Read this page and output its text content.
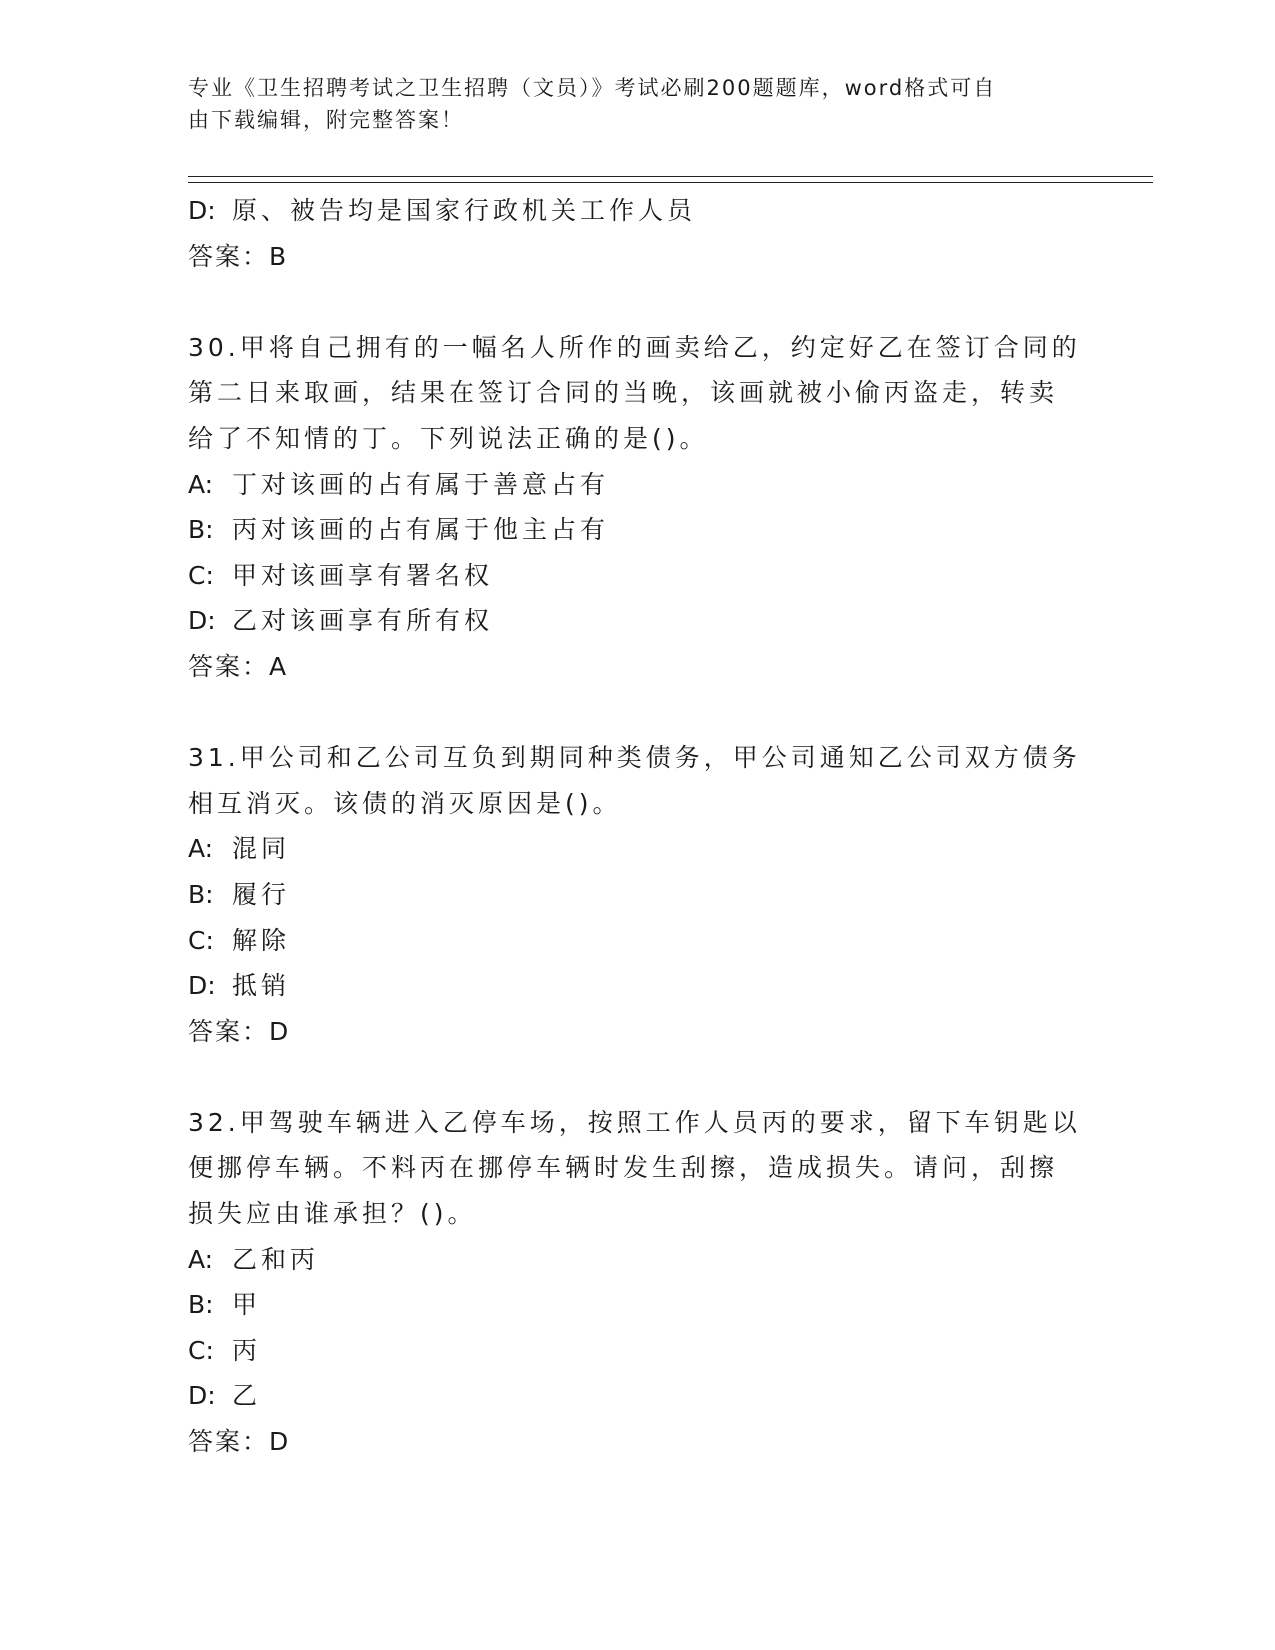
专业《卫生招聘考试之卫生招聘（文员）》考试必刷200题题库，word格式可自
由下载编辑，附完整答案！
D: 原、被告均是国家行政机关工作人员
答案：B
30.甲将自己拥有的一幅名人所作的画卖给乙，约定好乙在签订合同的
第二日来取画，结果在签订合同的当晚，该画就被小偷丙盗走，转卖
给了不知情的丁。下列说法正确的是()。
A: 丁对该画的占有属于善意占有
B: 丙对该画的占有属于他主占有
C: 甲对该画享有署名权
D: 乙对该画享有所有权
答案：A
31.甲公司和乙公司互负到期同种类债务，甲公司通知乙公司双方债务
相互消灭。该债的消灭原因是()。
A: 混同
B: 履行
C: 解除
D: 抵销
答案：D
32.甲驾驶车辆进入乙停车场，按照工作人员丙的要求，留下车钥匙以
便挪停车辆。不料丙在挪停车辆时发生刮擦，造成损失。请问，刮擦
损失应由谁承担？()。
A: 乙和丙
B: 甲
C: 丙
D: 乙
答案：D
